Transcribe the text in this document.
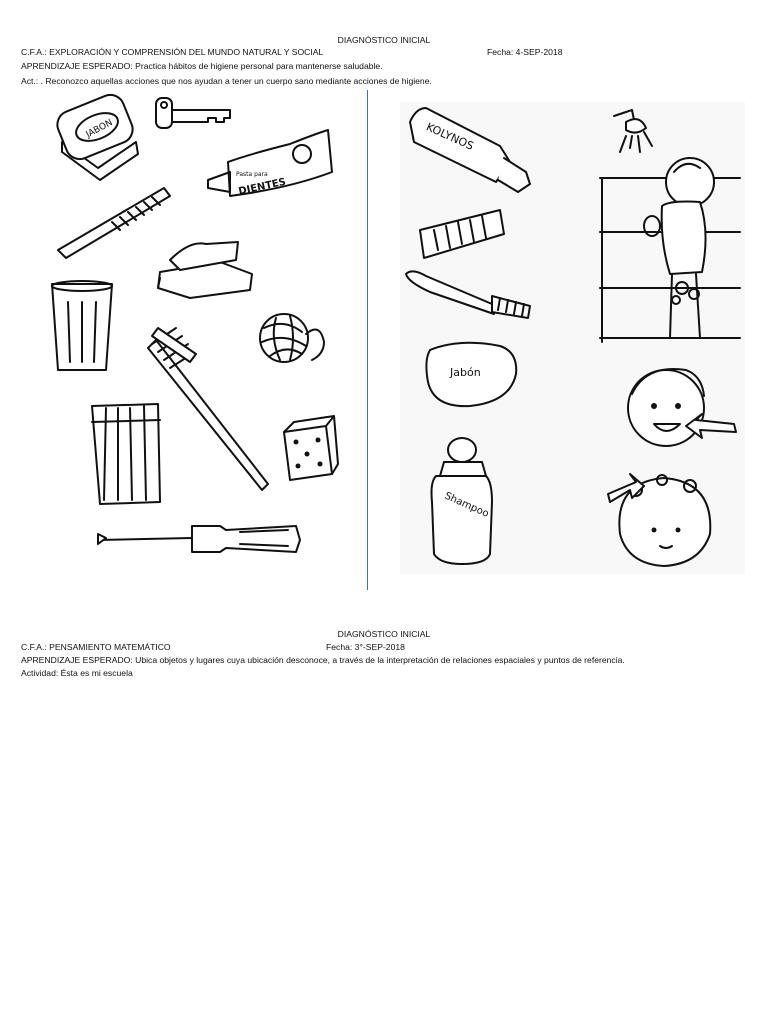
DIAGNÓSTICO INICIAL
C.F.A.: EXPLORACIÓN Y COMPRENSIÓN DEL MUNDO NATURAL Y SOCIAL	Fecha: 4-SEP-2018
APRENDIZAJE ESPERADO: Practica hábitos de higiene personal para mantenerse saludable.
Act.: . Reconozco aquellas acciones que nos ayudan a tener un cuerpo sano mediante acciones de higiene.
JABON
Pasta para
DIENTES
KOLYNOS
Jabón
Shampoo
DIAGNÓSTICO INICIAL
C.F.A.: PENSAMIENTO MATEMÁTICO	Fecha: 3°-SEP-2018
APRENDIZAJE ESPERADO: Ubica objetos y lugares cuya ubicación desconoce, a través de la interpretación de relaciones espaciales y puntos de referencia.
Actividad: Ésta es mi escuela
